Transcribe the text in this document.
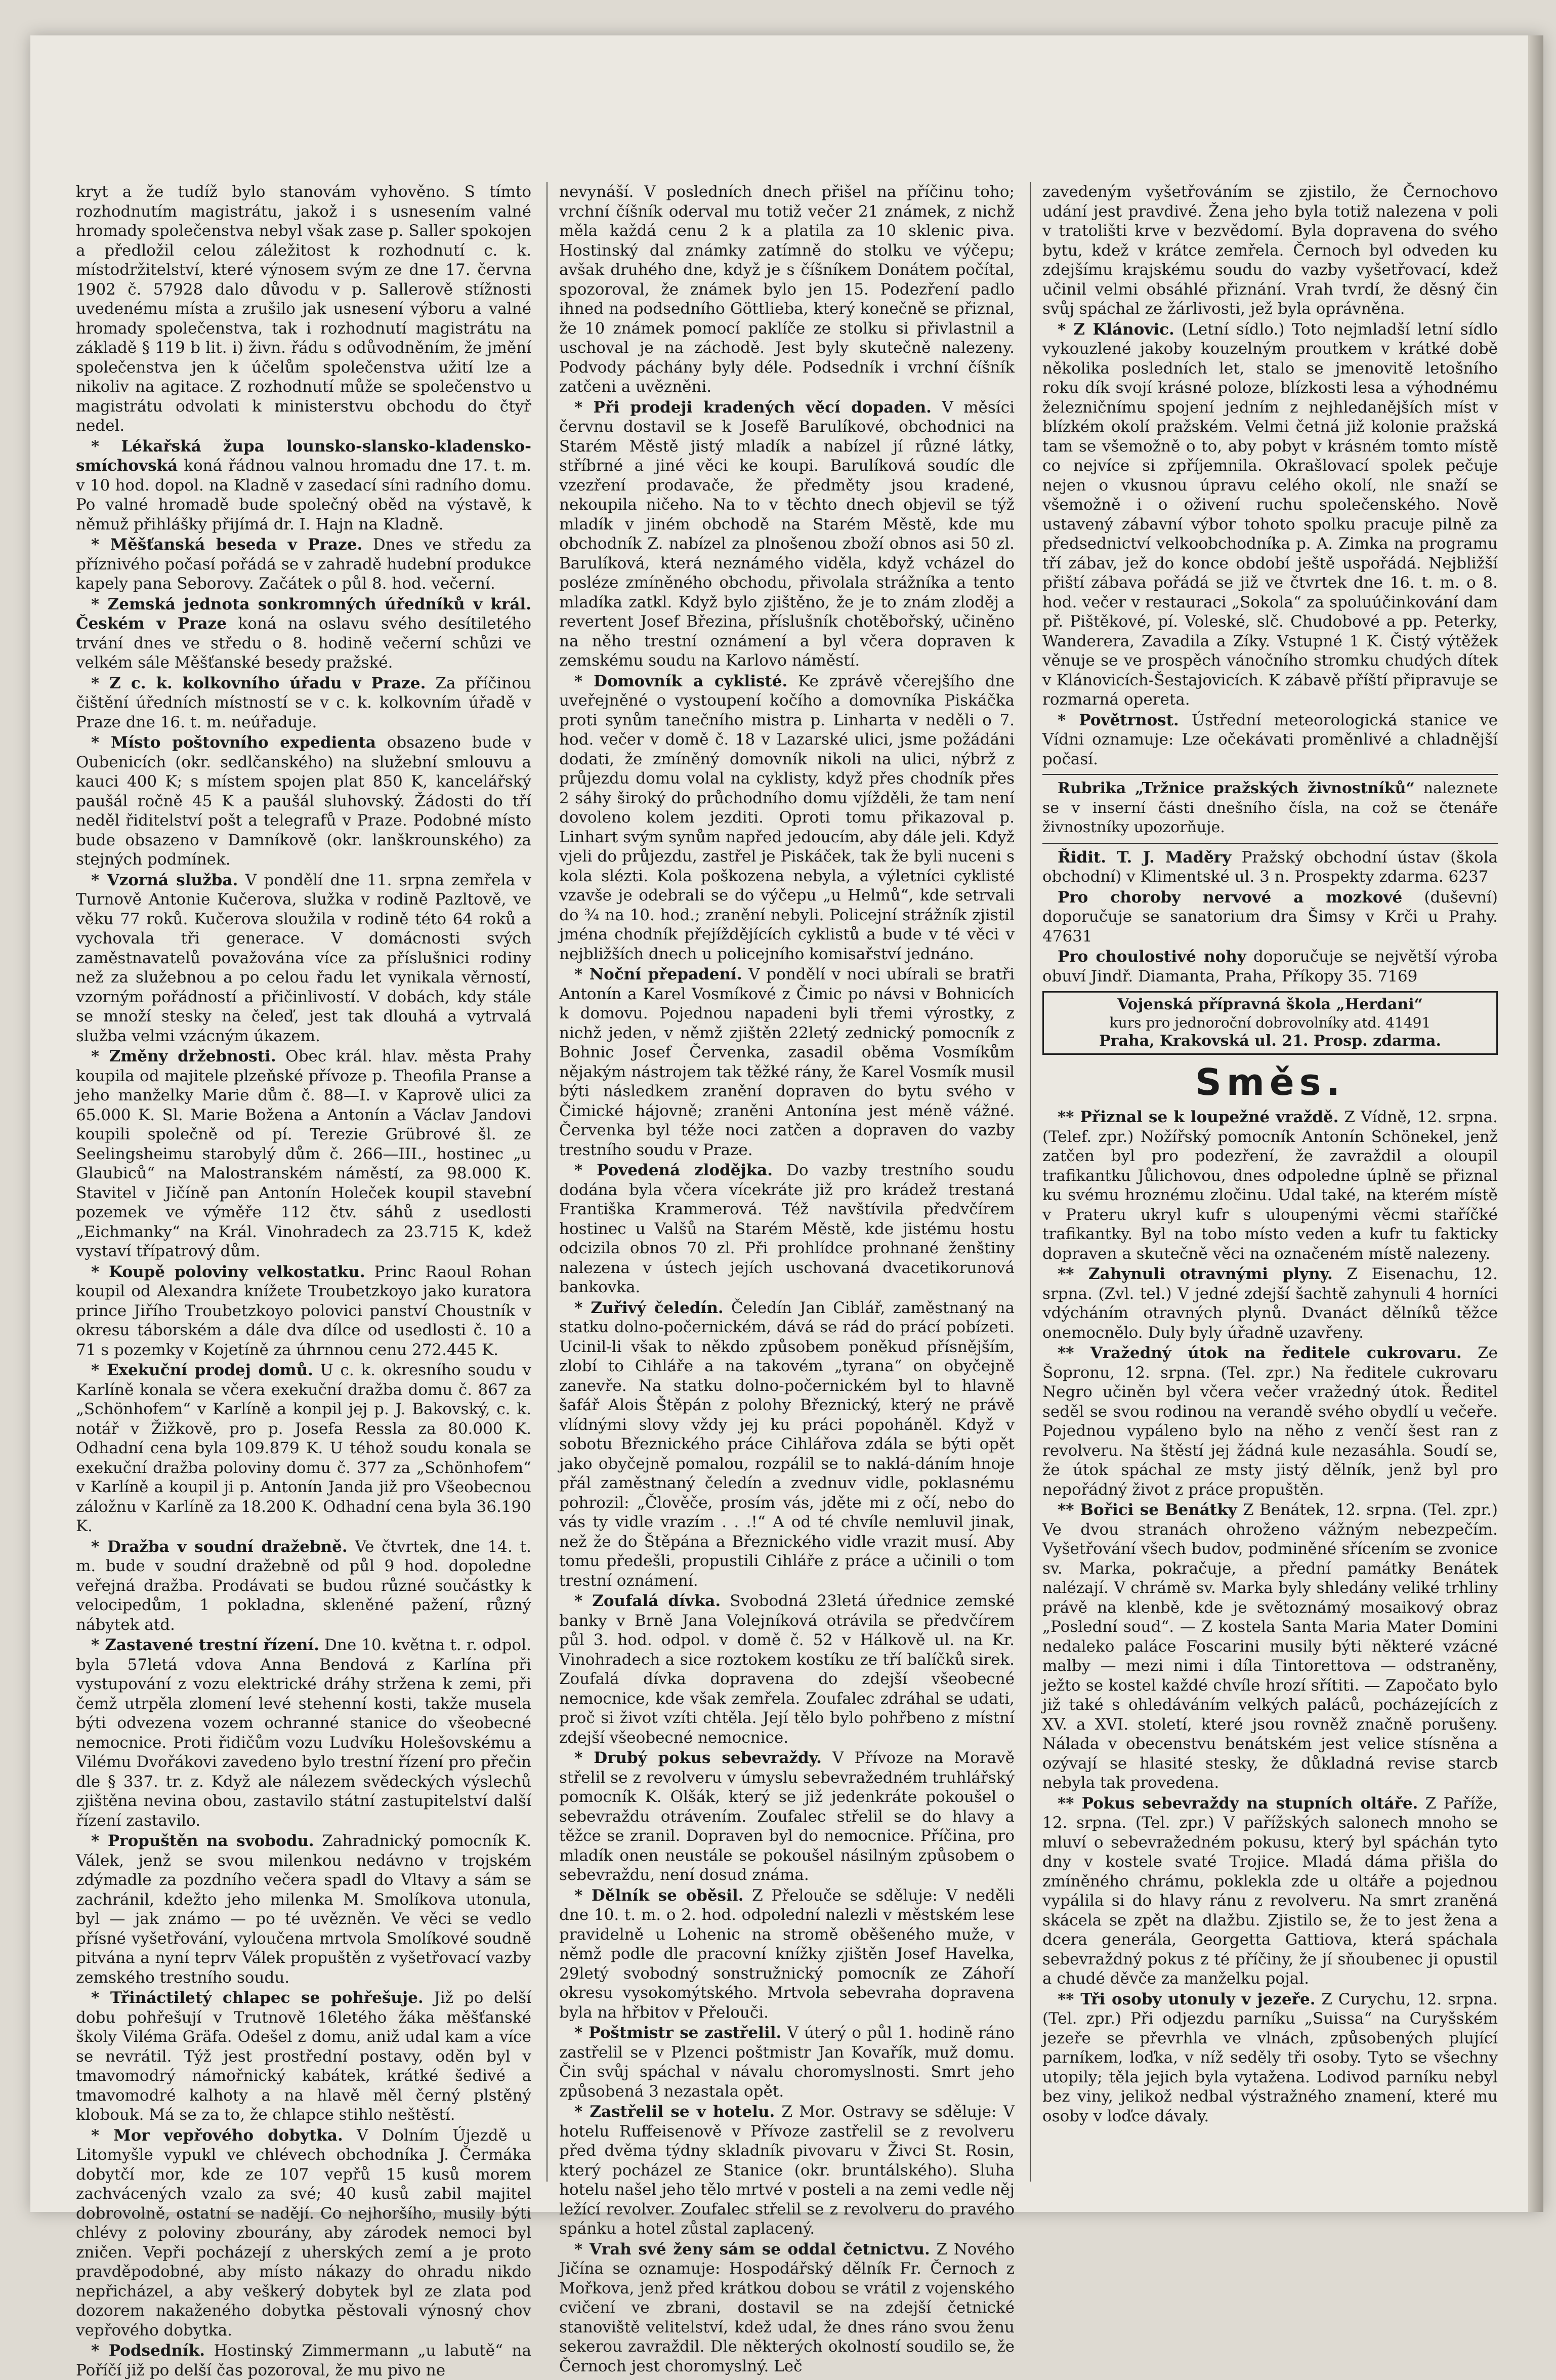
kryt a že tudíž bylo stanovám vyhověno. S tímto rozhodnutím magistrátu, jakož i s usnesením valné hromady společenstva nebyl však zase p. Saller spokojen a předložil celou záležitost k rozhodnutí c. k. místodržitelství, které výnosem svým ze dne 17. června 1902 č. 57928 dalo důvodu v p. Sallerově stížnosti uvedenému místa a zrušilo jak usnesení výboru a valné hromady společenstva, tak i rozhodnutí magistrátu na základě § 119 b lit. i) živn. řádu s odůvodněním, že jmění společenstva jen k účelům společenstva užití lze a nikoliv na agitace. Z rozhodnutí může se společenstvo u magistrátu odvolati k ministerstvu obchodu do čtyř nedel.

* Lékařská župa lounsko-slansko-kladensko-smíchovská koná řádnou valnou hromadu dne 17. t. m. v 10 hod. dopol. na Kladně v zasedací síni radního domu. Po valné hromadě bude společný oběd na výstavě, k němuž přihlášky přijímá dr. I. Hajn na Kladně.

* Měšťanská beseda v Praze. Dnes ve středu za příznivého počasí pořádá se v zahradě hudební produkce kapely pana Seborovy. Začátek o půl 8. hod. večerní.

* Zemská jednota sonkromných úředníků v král. Českém v Praze koná na oslavu svého desítiletého trvání dnes ve středu o 8. hodině večerní schůzi ve velkém sále Měšťanské besedy pražské.

* Z c. k. kolkovního úřadu v Praze. Za příčinou čištění úředních místností se v c. k. kolkovním úřadě v Praze dne 16. t. m. neúřaduje.

* Místo poštovního expedienta obsazeno bude v Oubenicích (okr. sedlčanského) na služební smlouvu a kauci 400 K; s místem spojen plat 850 K, kancelářský paušál ročně 45 K a paušál sluhovský. Žádosti do tří neděl řiditelství pošt a telegrafů v Praze. Podobné místo bude obsazeno v Damníkově (okr. lanškrounského) za stejných podmínek.

* Vzorná služba. V pondělí dne 11. srpna zemřela v Turnově Antonie Kučerova, služka v rodině Pazltově, ve věku 77 roků. Kučerova sloužila v rodině této 64 roků a vychovala tři generace. V domácnosti svých zaměstnavatelů považována více za příslušnici rodiny než za služebnou a po celou řadu let vynikala věrností, vzorným pořádností a přičinlivostí. V dobách, kdy stále se množí stesky na čeleď, jest tak dlouhá a vytrvalá služba velmi vzácným úkazem.

* Změny držebnosti. Obec král. hlav. města Prahy koupila od majitele plzeňské přívoze p. Theofila Pranse a jeho manželky Marie dům č. 88—I. v Kaprově ulici za 65.000 K. Sl. Marie Božena a Antonín a Václav Jandovi koupili společně od pí. Terezie Grübrové šl. ze Seelingsheimu starobylý dům č. 266—III., hostinec „u Glaubiců“ na Malostranském náměstí, za 98.000 K. Stavitel v Jičíně pan Antonín Holeček koupil stavební pozemek ve výměře 112 čtv. sáhů z usedlosti „Eichmanky“ na Král. Vinohradech za 23.715 K, kdež vystaví třípatrový dům.

* Koupě poloviny velkostatku. Princ Raoul Rohan koupil od Alexandra knížete Troubetzkoyo jako kuratora prince Jiřího Troubetzkoyo polovici panství Choustník v okresu táborském a dále dva dílce od usedlosti č. 10 a 71 s pozemky v Kojetíně za úhrnnou cenu 272.445 K.

* Exekuční prodej domů. U c. k. okresního soudu v Karlíně konala se včera exekuční dražba domu č. 867 za „Schönhofem“ v Karlíně a konpil jej p. J. Bakovský, c. k. notář v Žižkově, pro p. Josefa Ressla za 80.000 K. Odhadní cena byla 109.879 K. U téhož soudu konala se exekuční dražba poloviny domu č. 377 za „Schönhofem“ v Karlíně a koupil ji p. Antonín Janda již pro Všeobecnou záložnu v Karlíně za 18.200 K. Odhadní cena byla 36.190 K.

* Dražba v soudní dražebně. Ve čtvrtek, dne 14. t. m. bude v soudní dražebně od půl 9 hod. dopoledne veřejná dražba. Prodávati se budou různé součástky k velocipedům, 1 pokladna, skleněné pažení, různý nábytek atd.

* Zastavené trestní řízení. Dne 10. května t. r. odpol. byla 57letá vdova Anna Bendová z Karlína při vystupování z vozu elektrické dráhy stržena k zemi, při čemž utrpěla zlomení levé stehenní kosti, takže musela býti odvezena vozem ochranné stanice do všeobecné nemocnice. Proti řidičům vozu Ludvíku Holešovskému a Vilému Dvořákovi zavedeno bylo trestní řízení pro přečin dle § 337. tr. z. Když ale nálezem svědeckých výslechů zjištěna nevina obou, zastavilo státní zastupitelství další řízení zastavilo.

* Propuštěn na svobodu. Zahradnický pomocník K. Válek, jenž se svou milenkou nedávno v trojském zdýmadle za pozdního večera spadl do Vltavy a sám se zachránil, kdežto jeho milenka M. Smolíkova utonula, byl — jak známo — po té uvězněn. Ve věci se vedlo přísné vyšetřování, vyloučena mrtvola Smolíkové soudně pitvána a nyní teprv Válek propuštěn z vyšetřovací vazby zemského trestního soudu.

* Třináctiletý chlapec se pohřešuje. Již po delší dobu pohřešují v Trutnově 16letého žáka měšťanské školy Viléma Gräfa. Odešel z domu, aniž udal kam a více se nevrátil. Týž jest prostřední postavy, oděn byl v tmavomodrý námořnický kabátek, krátké šedivé a tmavomodré kalhoty a na hlavě měl černý plstěný klobouk. Má se za to, že chlapce stihlo neštěstí.

* Mor vepřového dobytka. V Dolním Újezdě u Litomyšle vypukl ve chlévech obchodníka J. Čermáka dobytčí mor, kde ze 107 vepřů 15 kusů morem zachvácených vzalo za své; 40 kusů zabil majitel dobrovolně, ostatní se nadějí. Co nejhoršího, musily býti chlévy z poloviny zbourány, aby zárodek nemoci byl zničen. Vepři pocházejí z uherských zemí a je proto pravděpodobné, aby místo nákazy do ohradu nikdo nepřicházel, a aby veškerý dobytek byl ze zlata pod dozorem nakaženého dobytka pěstovali výnosný chov vepřového dobytka.

* Podsedník. Hostinský Zimmermann „u labutě“ na Poříčí již po delší čas pozoroval, že mu pivo ne

nevynáší. V posledních dnech přišel na příčinu toho; vrchní číšník oderval mu totiž večer 21 známek, z nichž měla každá cenu 2 k a platila za 10 sklenic piva. Hostinský dal známky zatímně do stolku ve výčepu; avšak druhého dne, když je s číšníkem Donátem počítal, spozoroval, že známek bylo jen 15. Podezření padlo ihned na podsedního Göttlieba, který konečně se přiznal, že 10 známek pomocí paklíče ze stolku si přivlastnil a uschoval je na záchodě. Jest byly skutečně nalezeny. Podvody páchány byly déle. Podsedník i vrchní číšník zatčeni a uvězněni.

* Při prodeji kradených věcí dopaden. V měsíci červnu dostavil se k Josefě Barulíkové, obchodnici na Starém Městě jistý mladík a nabízel jí různé látky, stříbrné a jiné věci ke koupi. Barulíková soudíc dle vzezření prodavače, že předměty jsou kradené, nekoupila ničeho. Na to v těchto dnech objevil se týž mladík v jiném obchodě na Starém Městě, kde mu obchodník Z. nabízel za plnošenou zboží obnos asi 50 zl. Barulíková, která neznámého viděla, když vcházel do posléze zmíněného obchodu, přivolala strážníka a tento mladíka zatkl. Když bylo zjištěno, že je to znám zloděj a revertent Josef Březina, příslušník chotěbořský, učiněno na něho trestní oznámení a byl včera dopraven k zemskému soudu na Karlovo náměstí.

* Domovník a cyklisté. Ke zprávě včerejšího dne uveřejněné o vystoupení kočího a domovníka Piskáčka proti synům tanečního mistra p. Linharta v neděli o 7. hod. večer v domě č. 18 v Lazarské ulici, jsme požádáni dodati, že zmíněný domovník nikoli na ulici, nýbrž z průjezdu domu volal na cyklisty, když přes chodník přes 2 sáhy široký do průchodního domu vjížděli, že tam není dovoleno kolem jezditi. Oproti tomu přikazoval p. Linhart svým synům napřed jedoucím, aby dále jeli. Když vjeli do průjezdu, zastřel je Piskáček, tak že byli nuceni s kola slézti. Kola poškozena nebyla, a výletníci cyklisté vzavše je odebrali se do výčepu „u Helmů“, kde setrvali do ¾ na 10. hod.; zranění nebyli. Policejní strážník zjistil jména chodník přejíždějících cyklistů a bude v té věci v nejbližších dnech u policejního komisařství jednáno.

* Noční přepadení. V pondělí v noci ubírali se bratři Antonín a Karel Vosmíkové z Čimic po návsi v Bohnicích k domovu. Pojednou napadeni byli třemi výrostky, z nichž jeden, v němž zjištěn 22letý zednický pomocník z Bohnic Josef Červenka, zasadil oběma Vosmíkům nějakým nástrojem tak těžké rány, že Karel Vosmík musil býti následkem zranění dopraven do bytu svého v Čimické hájovně; zraněni Antonína jest méně vážné. Červenka byl téže noci zatčen a dopraven do vazby trestního soudu v Praze.

* Povedená zlodějka. Do vazby trestního soudu dodána byla včera vícekráte již pro krádež trestaná Františka Krammerová. Též navštívila předvčírem hostinec u Valšů na Starém Městě, kde jistému hostu odcizila obnos 70 zl. Při prohlídce prohnané ženštiny nalezena v ústech jejích uschovaná dvacetikorunová bankovka.

* Zuřivý čeledín. Čeledín Jan Ciblář, zaměstnaný na statku dolno-počernickém, dává se rád do prácí pobízeti. Ucinil-li však to někdo způsobem poněkud přísnějším, zlobí to Cihláře a na takovém „tyrana“ on obyčejně zanevře. Na statku dolno-počernickém byl to hlavně šafář Alois Štěpán z polohy Březnický, který ne právě vlídnými slovy vždy jej ku práci popoháněl. Když v sobotu Březnického práce Cihlářova zdála se býti opět jako obyčejně pomalou, rozpálil se to naklá-dáním hnoje přál zaměstnaný čeledín a zvednuv vidle, poklasnému pohrozil: „Člověče, prosím vás, jděte mi z očí, nebo do vás ty vidle vrazím . . .!“ A od té chvíle nemluvil jinak, než že do Štěpána a Březnického vidle vrazit musí. Aby tomu předešli, propustili Cihláře z práce a učinili o tom trestní oznámení.

* Zoufalá dívka. Svobodná 23letá úřednice zemské banky v Brně Jana Volejníková otrávila se předvčírem půl 3. hod. odpol. v domě č. 52 v Hálkově ul. na Kr. Vinohradech a sice roztokem kostíku ze tří balíčků sirek. Zoufalá dívka dopravena do zdejší všeobecné nemocnice, kde však zemřela. Zoufalec zdráhal se udati, proč si život vzíti chtěla. Její tělo bylo pohřbeno z místní zdejší všeobecné nemocnice.

* Drubý pokus sebevraždy. V Přívoze na Moravě střelil se z revolveru v úmyslu sebevražedném truhlářský pomocník K. Olšák, který se již jedenkráte pokoušel o sebevraždu otrávením. Zoufalec střelil se do hlavy a těžce se zranil. Dopraven byl do nemocnice. Příčina, pro mladík onen neustále se pokoušel násilným způsobem o sebevraždu, není dosud známa.

* Dělník se oběsil. Z Přelouče se sděluje: V neděli dne 10. t. m. o 2. hod. odpolední nalezli v městském lese pravidelně u Lohenic na stromě oběšeného muže, v němž podle dle pracovní knížky zjištěn Josef Havelka, 29letý svobodný sonstružnický pomocník ze Záhoří okresu vysokomýtského. Mrtvola sebevraha dopravena byla na hřbitov v Přelouči.

* Poštmistr se zastřelil. V úterý o půl 1. hodině ráno zastřelil se v Plzenci poštmistr Jan Kovařík, muž domu. Čin svůj spáchal v návalu choromyslnosti. Smrt jeho způsobená 3 nezastala opět.

* Zastřelil se v hotelu. Z Mor. Ostravy se sděluje: V hotelu Ruffeisenově v Přívoze zastřelil se z revolveru před dvěma týdny skladník pivovaru v Živci St. Rosin, který pocházel ze Stanice (okr. bruntálského). Sluha hotelu našel jeho tělo mrtvé v posteli a na zemi vedle něj ležící revolver. Zoufalec střelil se z revolveru do pravého spánku a hotel zůstal zaplacený.

* Vrah své ženy sám se oddal četnictvu. Z Nového Jičína se oznamuje: Hospodářský dělník Fr. Černoch z Mořkova, jenž před krátkou dobou se vrátil z vojenského cvičení ve zbrani, dostavil se na zdejší četnické stanoviště velitelství, kdež udal, že dnes ráno svou ženu sekerou zavraždil. Dle některých okolností soudilo se, že Černoch jest choromyslný. Leč

zavedeným vyšetřováním se zjistilo, že Černochovo udání jest pravdivé. Žena jeho byla totiž nalezena v poli v tratolišti krve v bezvědomí. Byla dopravena do svého bytu, kdež v krátce zemřela. Černoch byl odveden ku zdejšímu krajskému soudu do vazby vyšetřovací, kdež učinil velmi obsáhlé přiznání. Vrah tvrdí, že děsný čin svůj spáchal ze žárlivosti, jež byla oprávněna.

* Z Klánovic. (Letní sídlo.) Toto nejmladší letní sídlo vykouzlené jakoby kouzelným proutkem v krátké době několika posledních let, stalo se jmenovitě letošního roku dík svojí krásné poloze, blízkosti lesa a výhodnému železničnímu spojení jedním z nejhledanějších míst v blízkém okolí pražském. Velmi četná již kolonie pražská tam se všemožně o to, aby pobyt v krásném tomto místě co nejvíce si zpříjemnila. Okrašlovací spolek pečuje nejen o vkusnou úpravu celého okolí, nle snaží se všemožně i o oživení ruchu společenského. Nově ustavený zábavní výbor tohoto spolku pracuje pilně za předsednictví velkoobchodníka p. A. Zimka na programu tří zábav, jež do konce období ještě uspořádá. Nejbližší přiští zábava pořádá se již ve čtvrtek dne 16. t. m. o 8. hod. večer v restauraci „Sokola“ za spoluúčinkování dam př. Pištěkové, pí. Voleské, slč. Chudobové a pp. Peterky, Wanderera, Zavadila a Zíky. Vstupné 1 K. Čistý výtěžek věnuje se ve prospěch vánočního stromku chudých dítek v Klánovicích-Šestajovicích. K zábavě příští připravuje se rozmarná opereta.

* Povětrnost. Ústřední meteorologická stanice ve Vídni oznamuje: Lze očekávati proměnlivé a chladnější počasí.

Rubrika „Tržnice pražských živnostníků“ naleznete se v inserní části dnešního čísla, na což se čtenáře živnostníky upozorňuje.

Řidit. T. J. Maděry Pražský obchodní ústav (škola obchodní) v Klimentské ul. 3 n. Prospekty zdarma. 6237

Pro choroby nervové a mozkové (duševní) doporučuje se sanatorium dra Šimsy v Krči u Prahy. 47631

Pro choulostivé nohy doporučuje se největší výroba obuví Jindř. Diamanta, Praha, Příkopy 35. 7169

Vojenská přípravná škola „Herdani“
kurs pro jednoroční dobrovolníky atd. 41491
Praha, Krakovská ul. 21. Prosp. zdarma.
Směs.

** Přiznal se k loupežné vraždě. Z Vídně, 12. srpna. (Telef. zpr.) Nožířský pomocník Antonín Schönekel, jenž zatčen byl pro podezření, že zavraždil a oloupil trafikantku Jůlichovou, dnes odpoledne úplně se přiznal ku svému hroznému zločinu. Udal také, na kterém místě v Prateru ukryl kufr s uloupenými věcmi staříčké trafikantky. Byl na tobo místo veden a kufr tu fakticky dopraven a skutečně věci na označeném místě nalezeny.

** Zahynuli otravnými plyny. Z Eisenachu, 12. srpna. (Zvl. tel.) V jedné zdejší šachtě zahynuli 4 horníci vdýcháním otravných plynů. Dvanáct dělníků těžce onemocnělo. Duly byly úřadně uzavřeny.

** Vražedný útok na ředitele cukrovaru. Ze Šopronu, 12. srpna. (Tel. zpr.) Na ředitele cukrovaru Negro učiněn byl včera večer vražedný útok. Ředitel seděl se svou rodinou na verandě svého obydlí u večeře. Pojednou vypáleno bylo na něho z venčí šest ran z revolveru. Na štěstí jej žádná kule nezasáhla. Soudí se, že útok spáchal ze msty jistý dělník, jenž byl pro nepořádný život z práce propuštěn.

** Bořici se Benátky Z Benátek, 12. srpna. (Tel. zpr.) Ve dvou stranách ohroženo vážným nebezpečím. Vyšetřování všech budov, podminěné sřícením se zvonice sv. Marka, pokračuje, a přední památky Benátek nalézají. V chrámě sv. Marka byly shledány veliké trhliny právě na klenbě, kde je světoznámý mosaikový obraz „Poslední soud“. — Z kostela Santa Maria Mater Domini nedaleko paláce Foscarini musily býti některé vzácné malby — mezi nimi i díla Tintorettova — odstraněny, ježto se kostel každé chvíle hrozí sřítiti. — Započato bylo již také s ohledáváním velkých paláců, pocházejících z XV. a XVI. století, které jsou rovněž značně porušeny. Nálada v obecenstvu benátském jest velice stísněna a ozývají se hlasité stesky, že důkladná revise starcb nebyla tak provedena.

** Pokus sebevraždy na stupních oltáře. Z Paříže, 12. srpna. (Tel. zpr.) V pařížských salonech mnoho se mluví o sebevražedném pokusu, který byl spáchán tyto dny v kostele svaté Trojice. Mladá dáma přišla do zmíněného chrámu, poklekla zde u oltáře a pojednou vypálila si do hlavy ránu z revolveru. Na smrt zraněná skácela se zpět na dlažbu. Zjistilo se, že to jest žena a dcera generála, Georgetta Gattiova, která spáchala sebevraždný pokus z té příčiny, že jí sňoubenec ji opustil a chudé děvče za manželku pojal.

** Tři osoby utonuly v jezeře. Z Curychu, 12. srpna. (Tel. zpr.) Při odjezdu parníku „Suissa“ na Curyšském jezeře se převrhla ve vlnách, způsobených plující parníkem, loďka, v níž seděly tři osoby. Tyto se všechny utopily; těla jejich byla vytažena. Lodivod parníku nebyl bez viny, jelikož nedbal výstražného znamení, které mu osoby v loďce dávaly.
